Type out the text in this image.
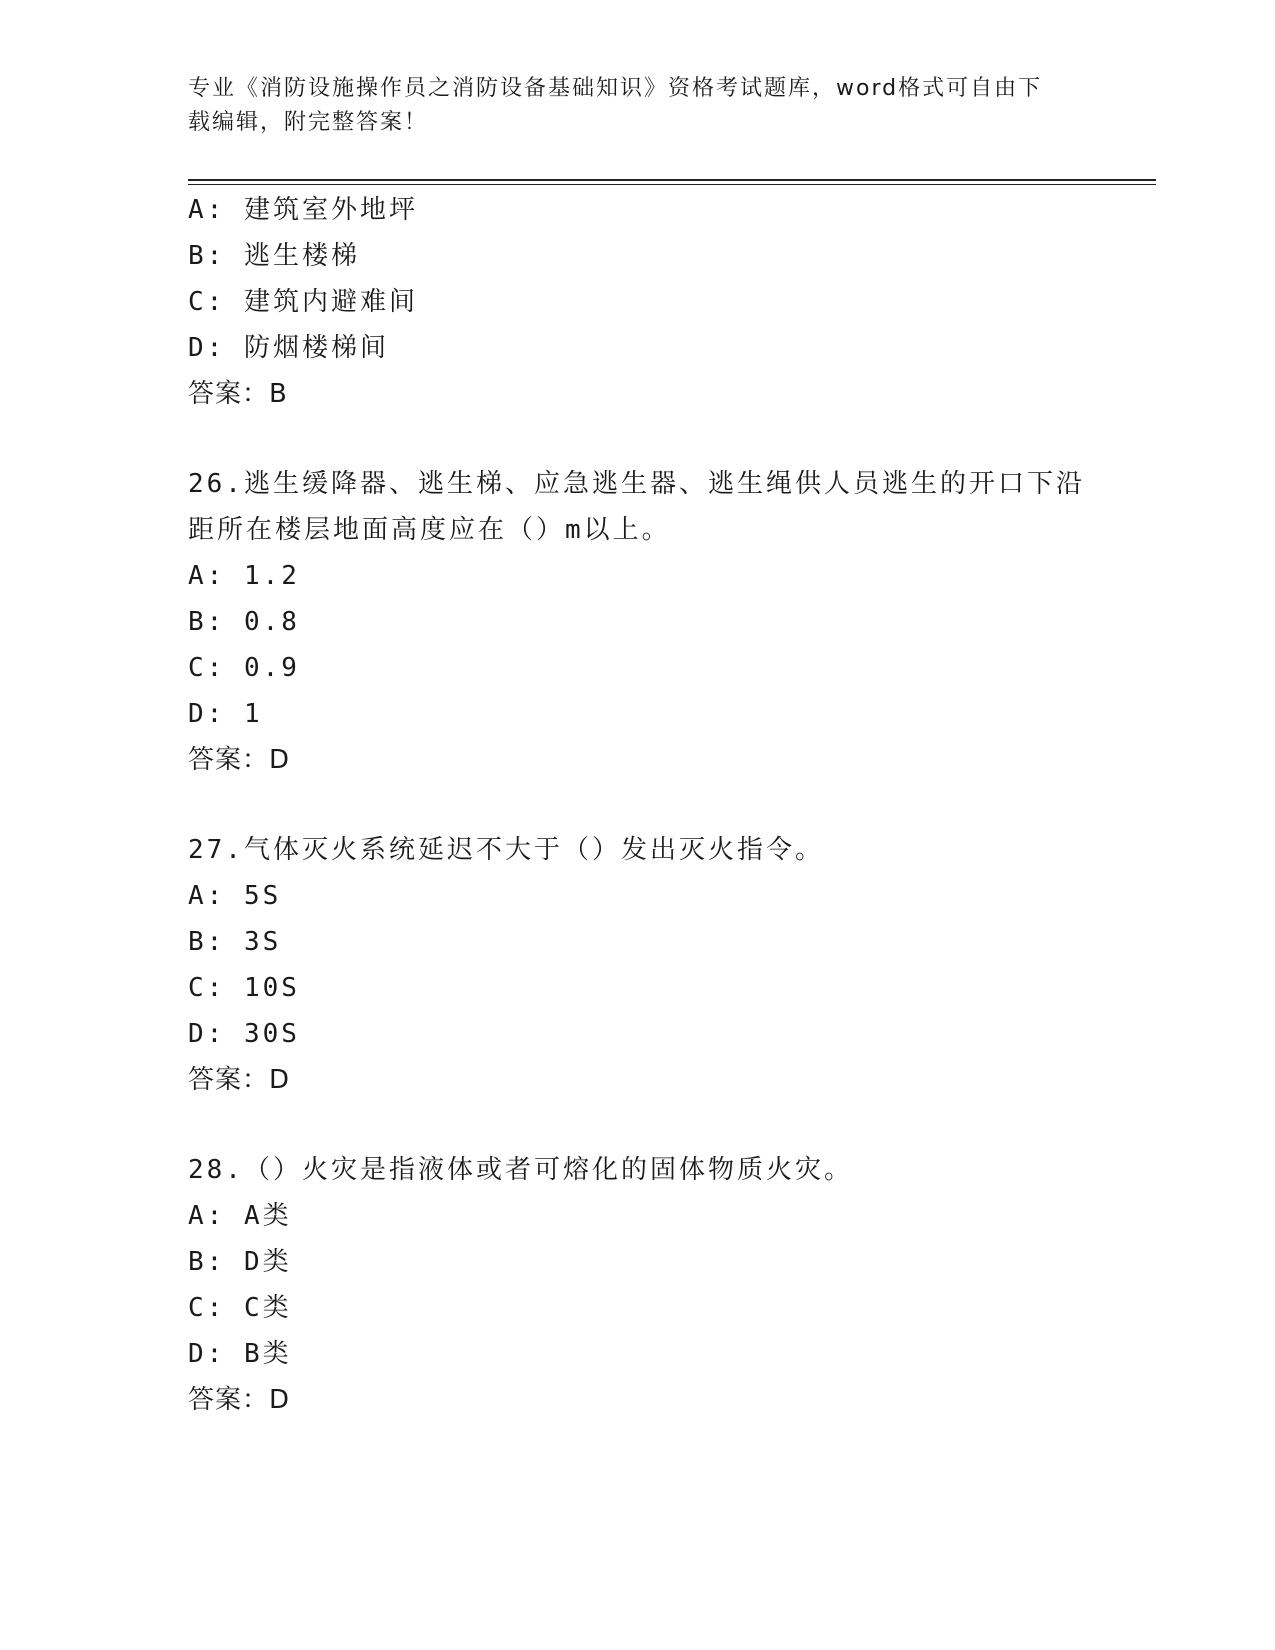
专业《消防设施操作员之消防设备基础知识》资格考试题库，word格式可自由下
载编辑，附完整答案！
A: 建筑室外地坪
B: 逃生楼梯
C: 建筑内避难间
D: 防烟楼梯间
答案：B
26.逃生缓降器、逃生梯、应急逃生器、逃生绳供人员逃生的开口下沿
距所在楼层地面高度应在（）m以上。
A: 1.2
B: 0.8
C: 0.9
D: 1
答案：D
27.气体灭火系统延迟不大于（）发出灭火指令。
A: 5S
B: 3S
C: 10S
D: 30S
答案：D
28.（）火灾是指液体或者可熔化的固体物质火灾。
A: A类
B: D类
C: C类
D: B类
答案：D
